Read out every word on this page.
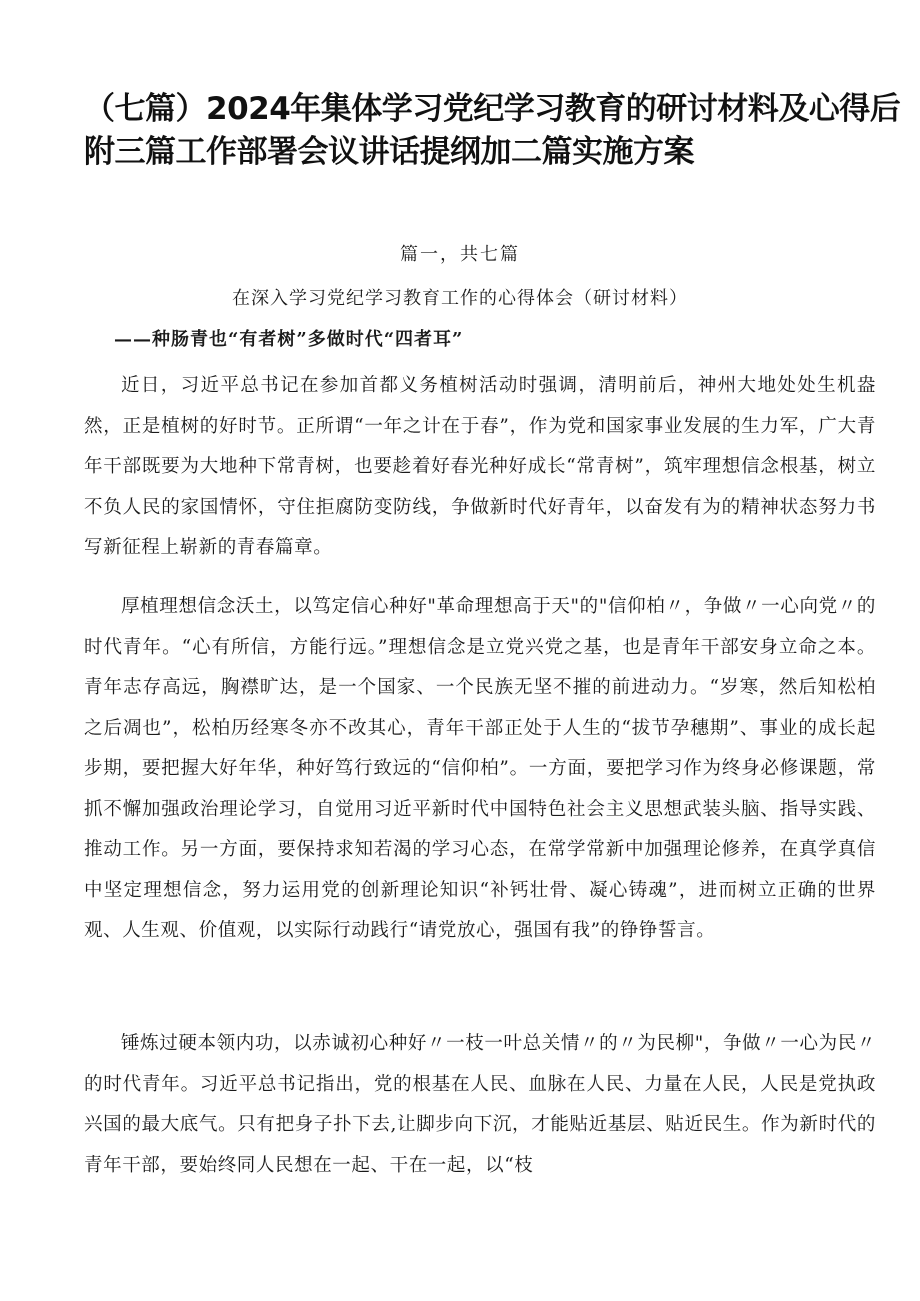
（七篇）2024年集体学习党纪学习教育的研讨材料及心得后
附三篇工作部署会议讲话提纲加二篇实施方案
篇一，共七篇
在深入学习党纪学习教育工作的心得体会（研讨材料）
——种肠青也“有者树”多做时代“四者耳”

近日，习近平总书记在参加首都义务植树活动时强调，清明前后，神州大地处处生机盎然，正是植树的好时节。正所谓“一年之计在于春”，作为党和国家事业发展的生力军，广大青年干部既要为大地种下常青树，也要趁着好春光种好成长“常青树”，筑牢理想信念根基，树立不负人民的家国情怀，守住拒腐防变防线，争做新时代好青年，以奋发有为的精神状态努力书写新征程上崭新的青春篇章。

厚植理想信念沃土，以笃定信心种好"革命理想高于天"的"信仰柏〃，争做〃一心向党〃的时代青年。“心有所信，方能行远。”理想信念是立党兴党之基，也是青年干部安身立命之本。青年志存高远，胸襟旷达，是一个国家、一个民族无坚不摧的前进动力。“岁寒，然后知松柏之后凋也”，松柏历经寒冬亦不改其心，青年干部正处于人生的“拔节孕穗期”、事业的成长起步期，要把握大好年华，种好笃行致远的“信仰柏”。一方面，要把学习作为终身必修课题，常抓不懈加强政治理论学习，自觉用习近平新时代中国特色社会主义思想武装头脑、指导实践、推动工作。另一方面，要保持求知若渴的学习心态，在常学常新中加强理论修养，在真学真信中坚定理想信念，努力运用党的创新理论知识“补钙壮骨、凝心铸魂”，进而树立正确的世界观、人生观、价值观，以实际行动践行“请党放心，强国有我”的铮铮誓言。

锤炼过硬本领内功，以赤诚初心种好〃一枝一叶总关情〃的〃为民柳"，争做〃一心为民〃的时代青年。习近平总书记指出，党的根基在人民、血脉在人民、力量在人民，人民是党执政兴国的最大底气。只有把身子扑下去,让脚步向下沉，才能贴近基层、贴近民生。作为新时代的青年干部，要始终同人民想在一起、干在一起，以“枝
